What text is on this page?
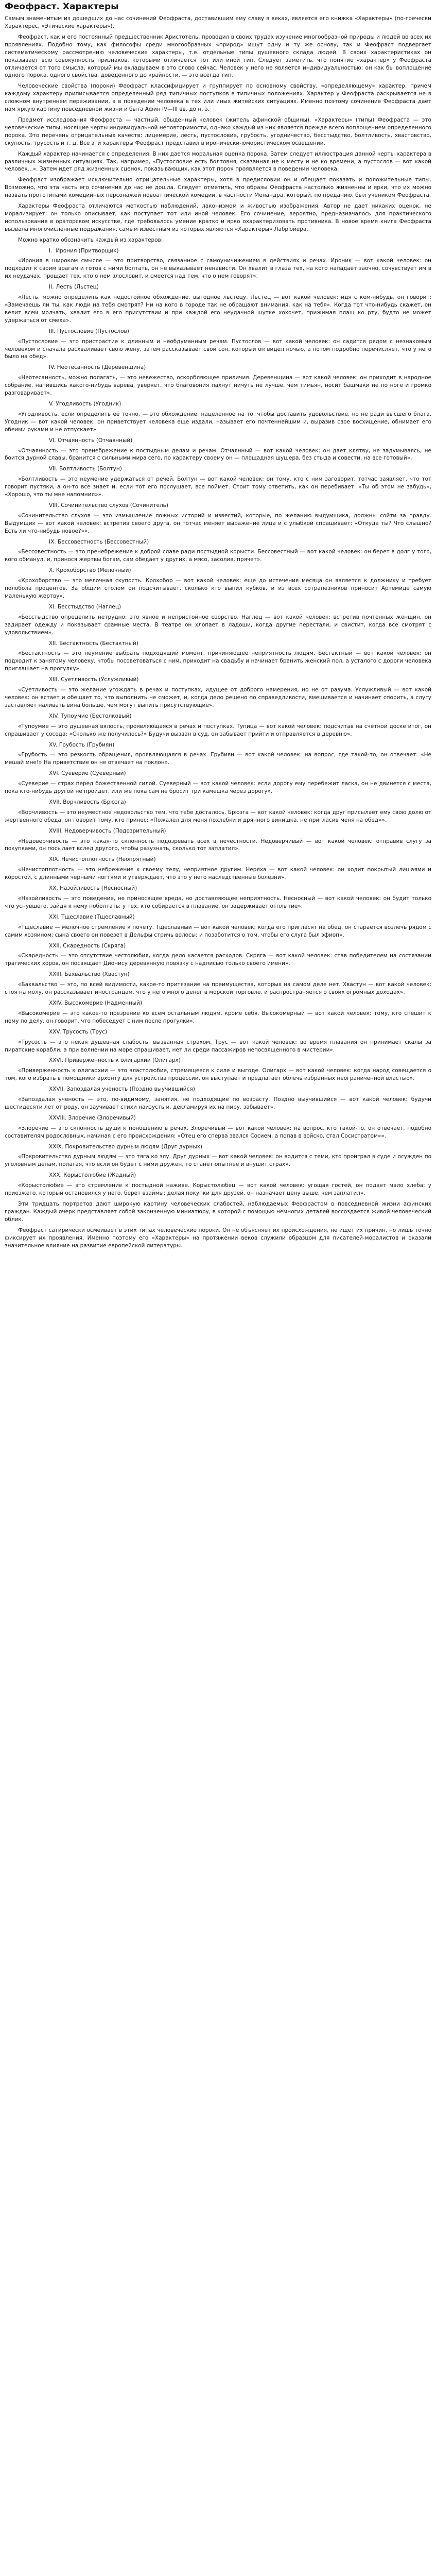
Феофраст. Характеры

Самым знаменитым из дошедших до нас сочинений Феофраста, доставившим ему славу в веках, является его книжка «Характеры» (по-гречески Характерес, «Этические характеры»).

Феофраст, как и его постоянный предшественник Аристотель, проводил в своих трудах изучение многообразной природы и людей во всех их проявлениях. Подобно тому, как философы среди многообразных «природ» ищут одну и ту же основу, так и Феофраст подвергает систематическому рассмотрению человеческие характеры, т.е. отдельные типы душевного склада людей. В своих характеристиках он показывает всю совокупность признаков, которыми отличается тот или иной тип. Следует заметить, что понятие «характер» у Феофраста отличается от того смысла, который мы вкладываем в это слово сейчас. Человек у него не является индивидуальностью; он как бы воплощение одного порока, одного свойства, доведенного до крайности, — это всегда тип.

Человеческие свойства (пороки) Феофраст классифицирует и группирует по основному свойству, «определяющему» характер, причем каждому характеру приписывается определенный ряд типичных поступков в типичных положениях. Характер у Феофраста раскрывается не в сложном внутреннем переживании, а в поведении человека в тех или иных житейских ситуациях. Именно поэтому сочинение Феофраста дает нам яркую картину повседневной жизни и быта Афин IV—III вв. до н. э.

Предмет исследования Феофраста — частный, обыденный человек (житель афинской общины). «Характеры» (типы) Феофраста — это человеческие типы, носящие черты индивидуальной неповторимости, однако каждый из них является прежде всего воплощением определенного порока. Это перечень отрицательных качеств: лицемерие, лесть, пустословие, грубость, угодничество, бесстыдство, болтливость, хвастовство, скупость, трусость и т. д. Все эти характеры Феофраст представил в иронически-юмористическом освещении.

Каждый характер начинается с определения. В них дается моральная оценка порока. Затем следует иллюстрация данной черты характера в различных жизненных ситуациях. Так, например, «Пустословие есть болтовня, сказанная не к месту и не ко времени, а пустослов — вот какой человек...». Затем идет ряд жизненных сценок, показывающих, как этот порок проявляется в поведении человека.

Феофраст изображает исключительно отрицательные характеры, хотя в предисловии он и обещает показать и положительные типы. Возможно, что эта часть его сочинения до нас не дошла. Следует отметить, что образы Феофраста настолько жизненны и ярки, что их можно назвать прототипами комедийных персонажей новоаттической комедии, в частности Менандра, который, по преданию, был учеником Феофраста.

Характеры Феофраста отличаются меткостью наблюдений, лаконизмом и живостью изображения. Автор не дает никаких оценок, не морализирует: он только описывает, как поступает тот или иной человек. Его сочинение, вероятно, предназначалось для практического использования в ораторском искусстве, где требовалось умение кратко и ярко охарактеризовать противника. В новое время книга Феофраста вызвала многочисленные подражания, самым известным из которых являются «Характеры» Лабрюйера.

Можно кратко обозначить каждый из характеров:

I. Ирония (Притворщик)

«Ирония в широком смысле — это притворство, связанное с самоуничижением в действиях и речах. Ироник — вот какой человек: он подходит к своим врагам и готов с ними болтать, он не выказывает ненависти. Он хвалит в глаза тех, на кого нападает заочно, сочувствует им в их неудачах, прощает тех, кто о нем злословит, и смеется над тем, что о нем говорят».

II. Лесть (Льстец)

«Лесть, можно определить как недостойное обхождение, выгодное льстецу. Льстец — вот какой человек: идя с кем-нибудь, он говорит: «Замечаешь ли ты, как люди на тебя смотрят? Ни на кого в городе так не обращают внимания, как на тебя». Когда тот что-нибудь скажет, он велит всем молчать, хвалит его в его присутствии и при каждой его неудачной шутке хохочет, прижимая плащ ко рту, будто не может удержаться от смеха».

III. Пустословие (Пустослов)

«Пустословие — это пристрастие к длинным и необдуманным речам. Пустослов — вот какой человек: он садится рядом с незнакомым человеком и сначала расхваливает свою жену, затем рассказывает свой сон, который он видел ночью, а потом подробно перечисляет, что у него было на обед».

IV. Неотесанность (Деревенщина)

«Неотесанность, можно полагать, — это невежество, оскорбляющее приличия. Деревенщина — вот какой человек: он приходит в народное собрание, напившись какого-нибудь варева, уверяет, что благовония пахнут ничуть не лучше, чем тимьян, носит башмаки не по ноге и громко разговаривает».

V. Угодливость (Угодник)

«Угодливость, если определить её точно, — это обхождение, нацеленное на то, чтобы доставить удовольствие, но не ради высшего блага. Угодник — вот какой человек: он приветствует человека еще издали, называет его почтеннейшим и, выразив свое восхищение, обнимает его обеими руками и не отпускает».

VI. Отчаянность (Отчаянный)

«Отчаянность — это пренебрежение к постыдным делам и речам. Отчаянный — вот какой человек: он дает клятву, не задумываясь, не боится дурной славы, бранится с сильными мира сего, по характеру своему он — площадная шушера, без стыда и совести, на все готовый».

VII. Болтливость (Болтун)

«Болтливость — это неумение удержаться от речей. Болтун — вот какой человек: он тому, кто с ним заговорит, тотчас заявляет, что тот говорит пустяки, а он-то все знает и, если тот его послушает, все поймет. Стоит тому ответить, как он перебивает: «Ты об этом не забудь», «Хорошо, что ты мне напомнил»».

VIII. Сочинительство слухов (Сочинитель)

«Сочинительство слухов — это измышление ложных историй и известий, которые, по желанию выдумщика, должны сойти за правду. Выдумщик — вот какой человек: встретив своего друга, он тотчас меняет выражение лица и с улыбкой спрашивает: «Откуда ты? Что слышно? Есть ли что-нибудь новое?»».

IX. Бессовестность (Бессовестный)

«Бессовестность — это пренебрежение к доброй славе ради постыдной корысти. Бессовестный — вот какой человек: он берет в долг у того, кого обманул, и, принося жертвы богам, сам обедает у других, а мясо, засолив, прячет».

X. Крохоборство (Мелочный)

«Крохоборство — это мелочная скупость. Крохобор — вот какой человек: еще до истечения месяца он является к должнику и требует полобола процентов. За общим столом он подсчитывает, сколько кто выпил кубков, и из всех сотрапезников приносит Артемиде самую маленькую жертву».

XI. Бесстыдство (Наглец)

«Бесстыдство определить нетрудно: это явное и непристойное озорство. Наглец — вот какой человек: встретив почтенных женщин, он задирает одежду и показывает срамные места. В театре он хлопает в ладоши, когда другие перестали, и свистит, когда все смотрят с удовольствием».

XII. Бестактность (Бестактный)

«Бестактность — это неумение выбрать подходящий момент, причиняющее неприятность людям. Бестактный — вот какой человек: он подходит к занятому человеку, чтобы посоветоваться с ним, приходит на свадьбу и начинает бранить женский пол, а усталого с дороги человека приглашает на прогулку».

XIII. Суетливость (Услужливый)

«Суетливость — это желание угождать в речах и поступках, идущее от доброго намерения, но не от разума. Услужливый — вот какой человек: он встает и обещает то, что выполнить не сможет, и, когда дело решено по справедливости, вмешивается и начинает спорить, а слугу заставляет наливать вина больше, чем могут выпить присутствующие».

XIV. Тупоумие (Бестолковый)

«Тупоумие — это душевная вялость, проявляющаяся в речах и поступках. Тупица — вот какой человек: подсчитав на счетной доске итог, он спрашивает у соседа: «Сколько же получилось?» Будучи вызван в суд, он забывает прийти и отправляется в деревню».

XV. Грубость (Грубиян)

«Грубость — это резкость обращения, проявляющаяся в речах. Грубиян — вот какой человек: на вопрос, где такой-то, он отвечает: «Не мешай мне!» На приветствие он не отвечает на поклон».

XVI. Суеверие (Суеверный)

«Суеверие — страх перед божественной силой. Суеверный — вот какой человек: если дорогу ему перебежит ласка, он не двинется с места, пока кто-нибудь другой не пройдет, или же пока сам не бросит три камешка через дорогу».

XVII. Ворчливость (Брюзга)

«Ворчливость — это неуместное недовольство тем, что тебе досталось. Брюзга — вот какой человек: когда друг присылает ему свою долю от жертвенного обеда, он говорит тому, кто принес: «Пожалел для меня похлебки и дрянного винишка, не пригласив меня на обед»».

XVIII. Недоверчивость (Подозрительный)

«Недоверчивость — это какая-то склонность подозревать всех в нечестности. Недоверчивый — вот какой человек: отправив слугу за покупками, он посылает вслед другого, чтобы разузнать, сколько тот заплатил».

XIX. Нечистоплотность (Неопрятный)

«Нечистоплотность — это небрежение к своему телу, неприятное другим. Неряха — вот какой человек: он ходит покрытый лишаями и коростой, с длинными черными ногтями и утверждает, что это у него наследственные болезни».

XX. Назойливость (Несносный)

«Назойливость — это поведение, не приносящее вреда, но доставляющее неприятность. Несносный — вот какой человек: он будит только что уснувшего, зайдя к нему поболтать; у тех, кто собирается в плавание, он задерживает отплытие».

XXI. Тщеславие (Тщеславный)

«Тщеславие — мелочное стремление к почету. Тщеславный — вот какой человек: когда его пригласят на обед, он старается возлечь рядом с самим хозяином; сына своего он повезет в Дельфы стричь волосы; и позаботится о том, чтобы его слуга был эфиоп».

XXII. Скаредность (Скряга)

«Скаредность — это отсутствие честолюбия, когда дело касается расходов. Скряга — вот какой человек: став победителем на состязании трагических хоров, он посвящает Дионису деревянную повязку с надписью только своего имени».

XXIII. Бахвальство (Хвастун)

«Бахвальство — это, по всей видимости, какое-то притязание на преимущества, которых на самом деле нет. Хвастун — вот какой человек: стоя на молу, он рассказывает иностранцам, что у него много денег в морской торговле, и распространяется о своих огромных доходах».

XXIV. Высокомерие (Надменный)

«Высокомерие — это какое-то презрение ко всем остальным людям, кроме себя. Высокомерный — вот какой человек: тому, кто спешит к нему по делу, он говорит, что побеседует с ним после прогулки».

XXV. Трусость (Трус)

«Трусость — это некая душевная слабость, вызванная страхом. Трус — вот какой человек: во время плавания он принимает скалы за пиратские корабли, а при волнении на море спрашивает, нет ли среди пассажиров непосвященного в мистерии».

XXVI. Приверженность к олигархии (Олигарх)

«Приверженность к олигархии — это властолюбие, стремящееся к силе и выгоде. Олигарх — вот какой человек: когда народ совещается о том, кого избрать в помощники архонту для устройства процессии, он выступает и предлагает облечь избранных неограниченной властью».

XXVII. Запоздалая ученость (Поздно выучившийся)

«Запоздалая ученость — это, по-видимому, занятия, не подходящие по возрасту. Поздно выучившийся — вот какой человек: будучи шестидесяти лет от роду, он заучивает стихи наизусть и, декламируя их на пиру, забывает».

XXVIII. Злоречие (Злоречивый)

«Злоречие — это склонность души к поношению в речах. Злоречивый — вот какой человек: на вопрос, кто такой-то, он отвечает, подобно составителям родословных, начиная с его происхождения: «Отец его сперва звался Сосием, а попав в войско, стал Сосистратом»».

XXIX. Покровительство дурным людям (Друг дурных)

«Покровительство дурным людям — это тяга ко злу. Друг дурных — вот какой человек: он водится с теми, кто проиграл в суде и осужден по уголовным делам, полагая, что если он будет с ними дружен, то станет опытнее и внушит страх».

XXX. Корыстолюбие (Жадный)

«Корыстолюбие — это стремление к постыдной наживе. Корыстолюбец — вот какой человек: угощая гостей, он подает мало хлеба; у приезжего, который остановился у него, берет взаймы; делая покупки для друзей, он назначает цену выше, чем заплатил».

Эти тридцать портретов дают широкую картину человеческих слабостей, наблюдаемых Феофрастом в повседневной жизни афинских граждан. Каждый очерк представляет собой законченную миниатюру, в которой с помощью немногих деталей воссоздается живой человеческий облик.

Феофраст сатирически осмеивает в этих типах человеческие пороки. Он не объясняет их происхождения, не ищет их причин, но лишь точно фиксирует их проявления. Именно поэтому его «Характеры» на протяжении веков служили образцом для писателей-моралистов и оказали значительное влияние на развитие европейской литературы.
